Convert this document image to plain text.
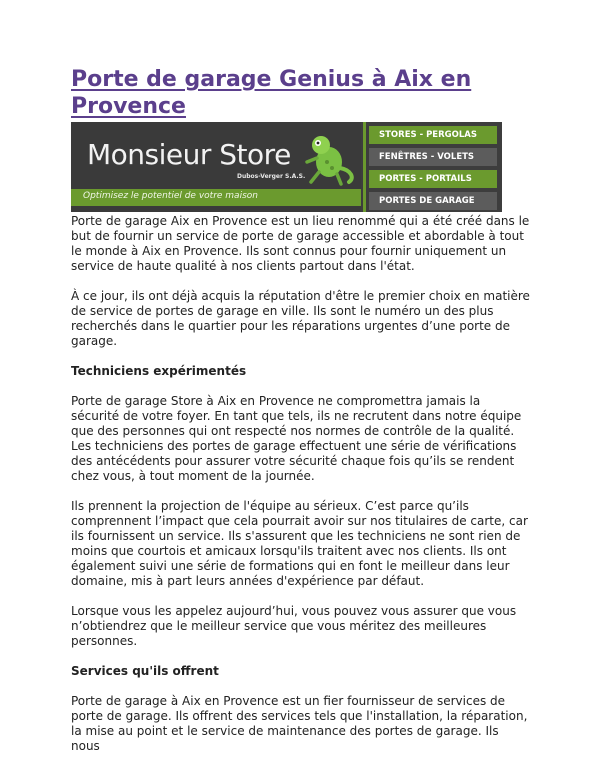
Porte de garage Genius à Aix en Provence

Monsieur Store

Dubos-Verger S.A.S.
Optimisez le potentiel de votre maison
STORES - PERGOLAS
FENÊTRES - VOLETS
PORTES - PORTAILS
PORTES DE GARAGE

Porte de garage Aix en Provence est un lieu renommé qui a été créé dans le but de fournir un service de porte de garage accessible et abordable à tout le monde à Aix en Provence. Ils sont connus pour fournir uniquement un service de haute qualité à nos clients partout dans l'état.

À ce jour, ils ont déjà acquis la réputation d'être le premier choix en matière de service de portes de garage en ville. Ils sont le numéro un des plus recherchés dans le quartier pour les réparations urgentes d’une porte de garage.

Techniciens expérimentés

Porte de garage Store à Aix en Provence ne compromettra jamais la sécurité de votre foyer. En tant que tels, ils ne recrutent dans notre équipe que des personnes qui ont respecté nos normes de contrôle de la qualité. Les techniciens des portes de garage effectuent une série de vérifications des antécédents pour assurer votre sécurité chaque fois qu’ils se rendent chez vous, à tout moment de la journée.

Ils prennent la projection de l'équipe au sérieux. C’est parce qu’ils comprennent l’impact que cela pourrait avoir sur nos titulaires de carte, car ils fournissent un service. Ils s'assurent que les techniciens ne sont rien de moins que courtois et amicaux lorsqu'ils traitent avec nos clients. Ils ont également suivi une série de formations qui en font le meilleur dans leur domaine, mis à part leurs années d'expérience par défaut.

Lorsque vous les appelez aujourd’hui, vous pouvez vous assurer que vous n’obtiendrez que le meilleur service que vous méritez des meilleures personnes.

Services qu'ils offrent

Porte de garage à Aix en Provence est un fier fournisseur de services de porte de garage. Ils offrent des services tels que l'installation, la réparation, la mise au point et le service de maintenance des portes de garage. Ils nous
